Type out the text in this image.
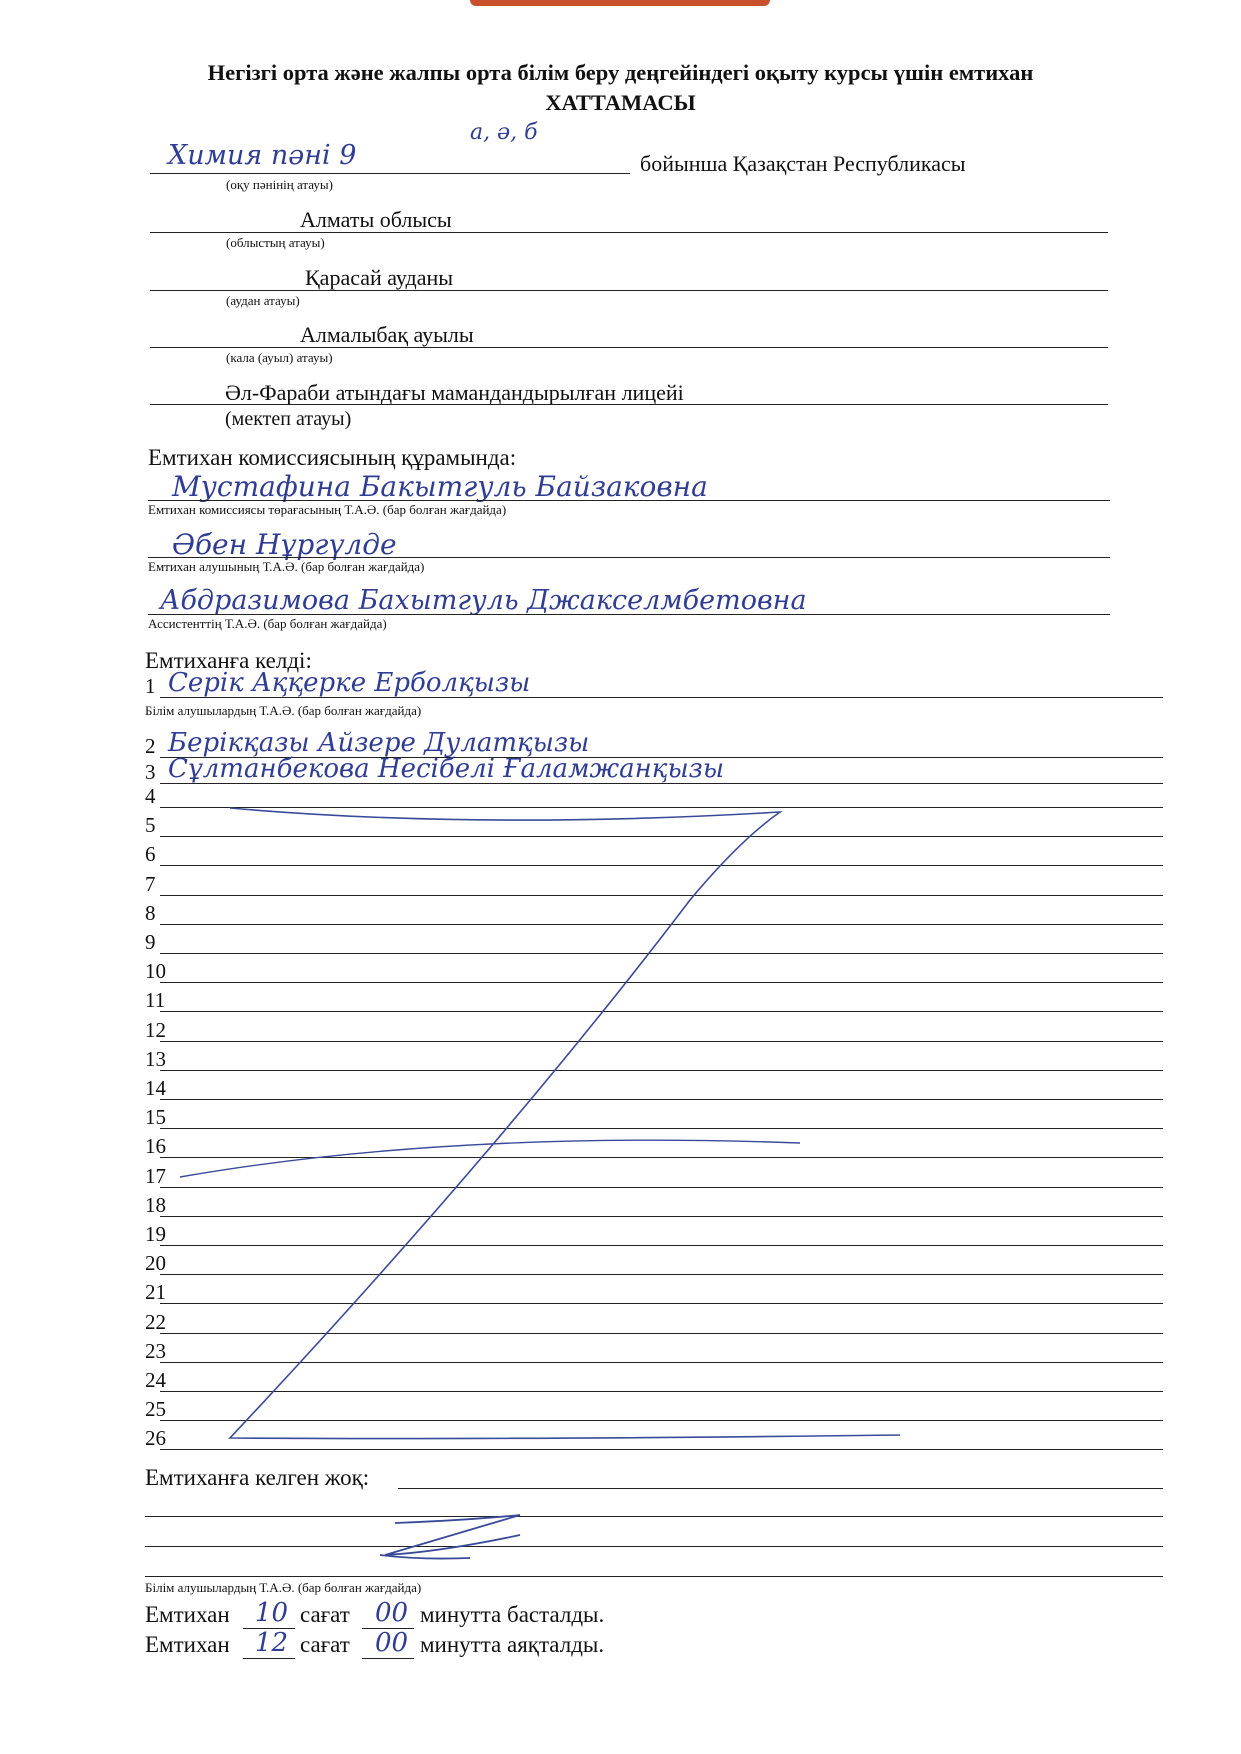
Негізгі орта және жалпы орта білім беру деңгейіндегі оқыту курсы үшін емтихан
ХАТТАМАСЫ
Химия пәні 9
а, ә, б
бойынша Қазақстан Республикасы
(оқу пәнінің атауы)
Алматы облысы
(облыстың атауы)
Қарасай ауданы
(аудан атауы)
Алмалыбақ ауылы
(кала (ауыл) атауы)
Әл-Фараби атындағы мамандандырылған лицейі
(мектеп атауы)
Емтихан комиссиясының құрамында:
Мустафина Бакытгуль Байзаковна
Емтихан комиссиясы төрағасының Т.А.Ә. (бар болған жағдайда)
Әбен Нұргүлде
Емтихан алушының Т.А.Ә. (бар болған жағдайда)
Абдразимова Бахытгуль Джакселмбетовна
Ассистенттің Т.А.Ә. (бар болған жағдайда)
Емтиханға келді:
1 Серік Аққерке Ерболқызы
2 Берікқазы Айзере Дулатқызы
3 Сұлтанбекова Несібелі Ғаламжанқызы
4
5
6
7
8
9
10
11
12
13
14
15
16
17
18
19
20
21
22
23
24
25
26
Білім алушылардың Т.А.Ә. (бар болған жағдайда)
Емтиханға келген жоқ:
Білім алушылардың Т.А.Ә. (бар болған жағдайда)
Емтихан 10 сағат 00 минутта басталды.
Емтихан 12 сағат 00 минутта аяқталды.
